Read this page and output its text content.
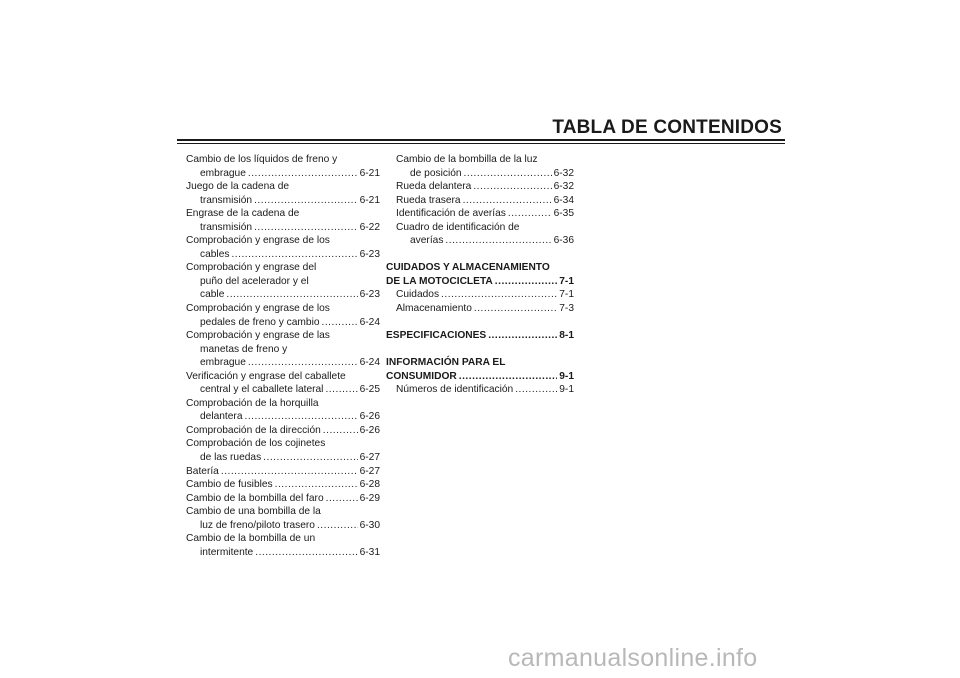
TABLA DE CONTENIDOS
Cambio de los líquidos de freno y
embrague .....	6-21
Juego de la cadena de
transmisión .....	6-21
Engrase de la cadena de
transmisión .....	6-22
Comprobación y engrase de los
cables .....	6-23
Comprobación y engrase del
puño del acelerador y el
cable .....	6-23
Comprobación y engrase de los
pedales de freno y cambio .....	6-24
Comprobación y engrase de las
manetas de freno y
embrague .....	6-24
Verificación y engrase del caballete
central y el caballete lateral .....	6-25
Comprobación de la horquilla
delantera .....	6-26
Comprobación de la dirección .....	6-26
Comprobación de los cojinetes
de las ruedas .....	6-27
Batería .....	6-27
Cambio de fusibles .....	6-28
Cambio de la bombilla del faro .....	6-29
Cambio de una bombilla de la
luz de freno/piloto trasero .....	6-30
Cambio de la bombilla de un
intermitente .....	6-31
Cambio de la bombilla de la luz
de posición .....	6-32
Rueda delantera .....	6-32
Rueda trasera .....	6-34
Identificación de averías .....	6-35
Cuadro de identificación de
averías .....	6-36
CUIDADOS Y ALMACENAMIENTO
DE LA MOTOCICLETA .....	7-1
Cuidados .....	7-1
Almacenamiento .....	7-3
ESPECIFICACIONES .....	8-1
INFORMACIÓN PARA EL
CONSUMIDOR .....	9-1
Números de identificación .....	9-1
carmanualsonline.info
